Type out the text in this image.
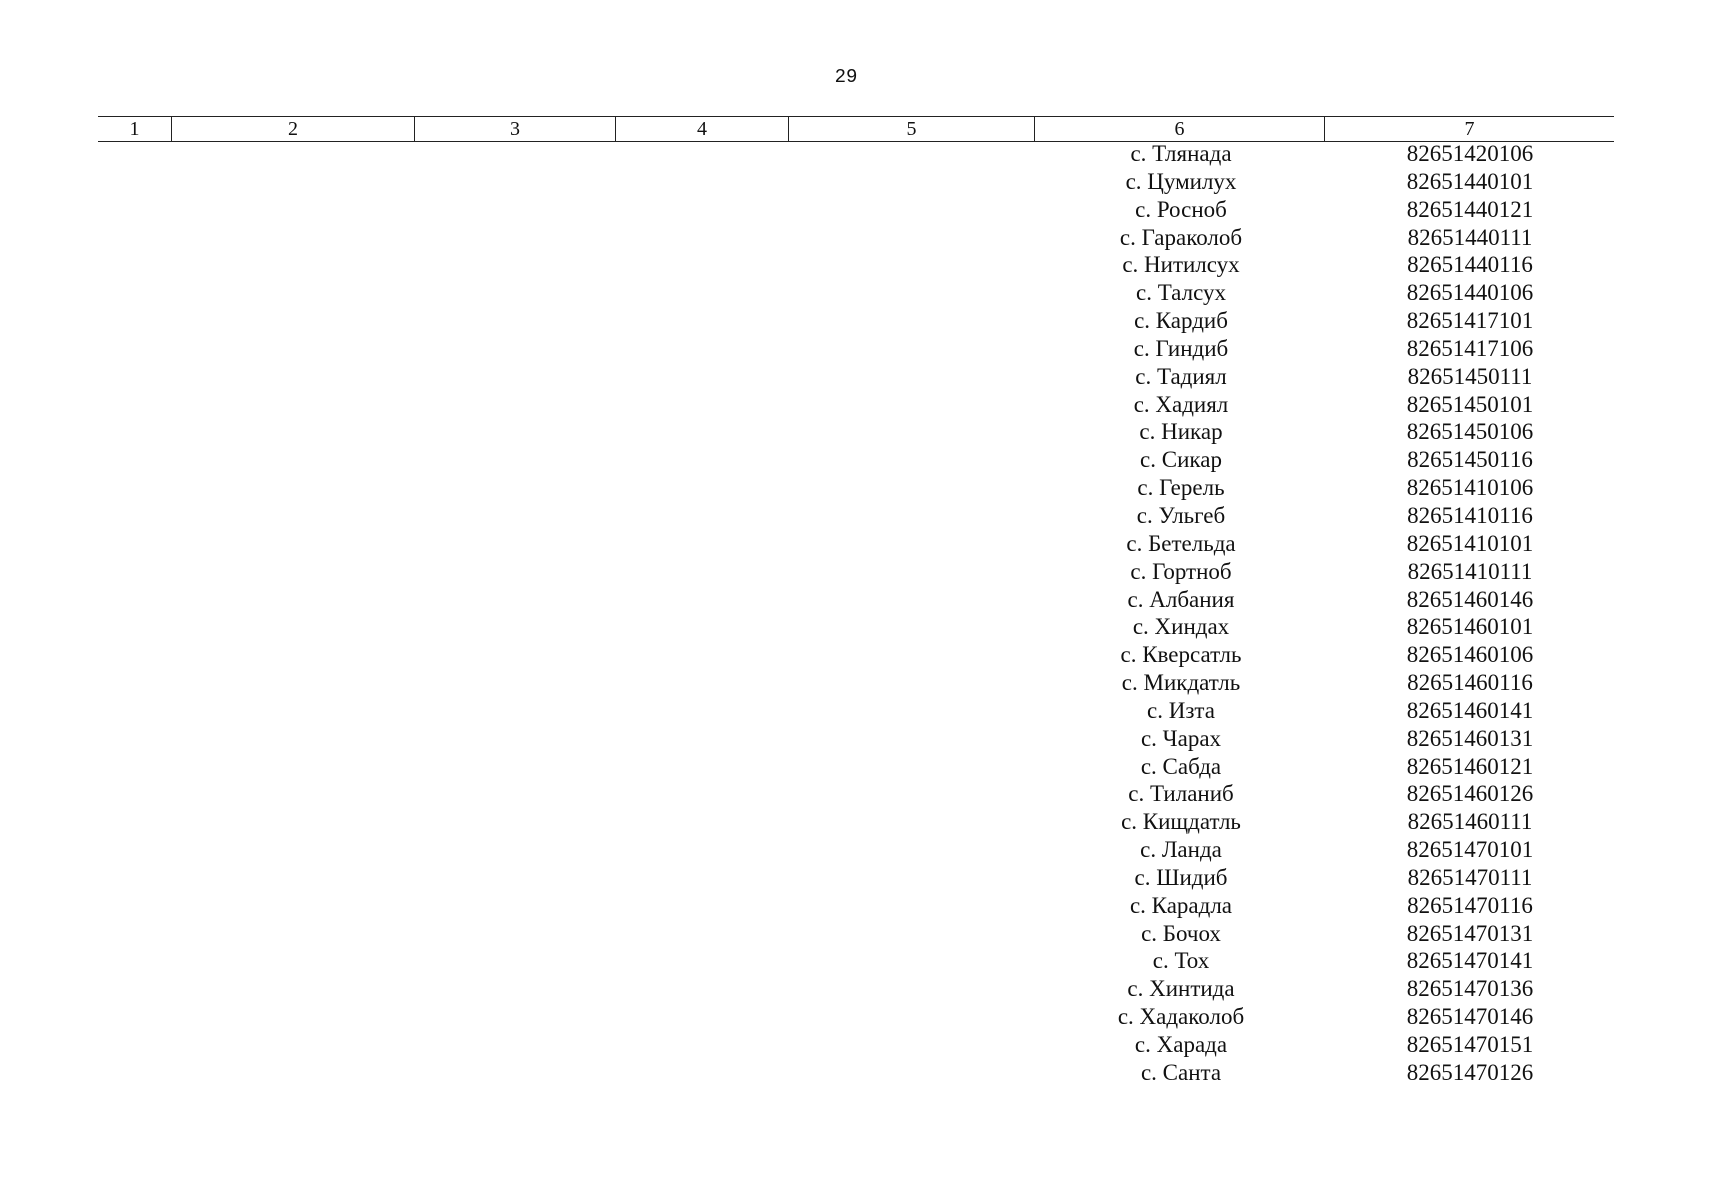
29
1	2	3	4	5	6	7
с. Тлянада	82651420106
с. Цумилух	82651440101
с. Росноб	82651440121
с. Гараколоб	82651440111
с. Нитилсух	82651440116
с. Талсух	82651440106
с. Кардиб	82651417101
с. Гиндиб	82651417106
с. Тадиял	82651450111
с. Хадиял	82651450101
с. Никар	82651450106
с. Сикар	82651450116
с. Герель	82651410106
с. Ульгеб	82651410116
с. Бетельда	82651410101
с. Гортноб	82651410111
с. Албания	82651460146
с. Хиндах	82651460101
с. Кверсатль	82651460106
с. Микдатль	82651460116
с. Изта	82651460141
с. Чарах	82651460131
с. Сабда	82651460121
с. Тиланиб	82651460126
с. Кищдатль	82651460111
с. Ланда	82651470101
с. Шидиб	82651470111
с. Карадла	82651470116
с. Бочох	82651470131
с. Тох	82651470141
с. Хинтида	82651470136
с. Хадаколоб	82651470146
с. Харада	82651470151
с. Санта	82651470126
